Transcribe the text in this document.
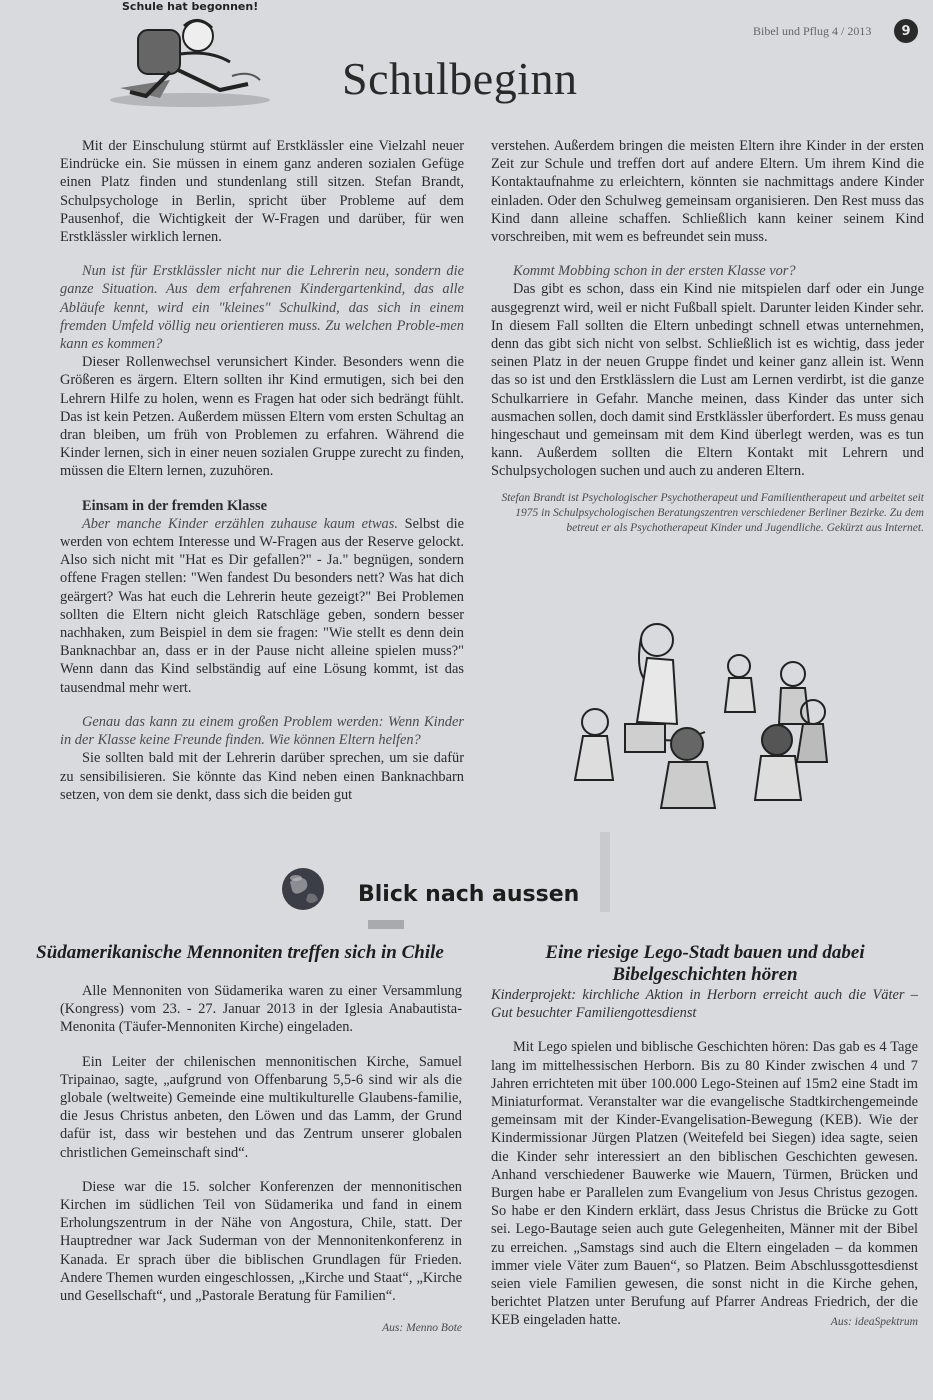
Schule hat begonnen!
Bibel und Pflug 4 / 2013	9
Schulbeginn

Mit der Einschulung stürmt auf Erstklässler eine Vielzahl neuer Eindrücke ein. Sie müssen in einem ganz anderen sozialen Gefüge einen Platz finden und stundenlang still sitzen. Stefan Brandt, Schulpsychologe in Berlin, spricht über Probleme auf dem Pausenhof, die Wichtigkeit der W-Fragen und darüber, für wen Erstklässler wirklich lernen.

Nun ist für Erstklässler nicht nur die Lehrerin neu, sondern die ganze Situation. Aus dem erfahrenen Kindergartenkind, das alle Abläufe kennt, wird ein "kleines" Schulkind, das sich in einem fremden Umfeld völlig neu orientieren muss. Zu welchen Proble-men kann es kommen?

Dieser Rollenwechsel verunsichert Kinder. Besonders wenn die Größeren es ärgern. Eltern sollten ihr Kind ermutigen, sich bei den Lehrern Hilfe zu holen, wenn es Fragen hat oder sich bedrängt fühlt. Das ist kein Petzen. Außerdem müssen Eltern vom ersten Schultag an dran bleiben, um früh von Problemen zu erfahren. Während die Kinder lernen, sich in einer neuen sozialen Gruppe zurecht zu finden, müssen die Eltern lernen, zuzuhören.

Einsam in der fremden Klasse

Aber manche Kinder erzählen zuhause kaum etwas. Selbst die werden von echtem Interesse und W-Fragen aus der Reserve gelockt. Also sich nicht mit "Hat es Dir gefallen?" - Ja." begnügen, sondern offene Fragen stellen: "Wen fandest Du besonders nett? Was hat dich geärgert? Was hat euch die Lehrerin heute gezeigt?" Bei Problemen sollten die Eltern nicht gleich Ratschläge geben, sondern besser nachhaken, zum Beispiel in dem sie fragen: "Wie stellt es denn dein Banknachbar an, dass er in der Pause nicht alleine spielen muss?" Wenn dann das Kind selbständig auf eine Lösung kommt, ist das tausendmal mehr wert.

Genau das kann zu einem großen Problem werden: Wenn Kinder in der Klasse keine Freunde finden. Wie können Eltern helfen?

Sie sollten bald mit der Lehrerin darüber sprechen, um sie dafür zu sensibilisieren. Sie könnte das Kind neben einen Banknachbarn setzen, von dem sie denkt, dass sich die beiden gut

verstehen. Außerdem bringen die meisten Eltern ihre Kinder in der ersten Zeit zur Schule und treffen dort auf andere Eltern. Um ihrem Kind die Kontaktaufnahme zu erleichtern, könnten sie nachmittags andere Kinder einladen. Oder den Schulweg gemeinsam organisieren. Den Rest muss das Kind dann alleine schaffen. Schließlich kann keiner seinem Kind vorschreiben, mit wem es befreundet sein muss.

Kommt Mobbing schon in der ersten Klasse vor?

Das gibt es schon, dass ein Kind nie mitspielen darf oder ein Junge ausgegrenzt wird, weil er nicht Fußball spielt. Darunter leiden Kinder sehr. In diesem Fall sollten die Eltern unbedingt schnell etwas unternehmen, denn das gibt sich nicht von selbst. Schließlich ist es wichtig, dass jeder seinen Platz in der neuen Gruppe findet und keiner ganz allein ist. Wenn das so ist und den Erstklässlern die Lust am Lernen verdirbt, ist die ganze Schulkarriere in Gefahr. Manche meinen, dass Kinder das unter sich ausmachen sollen, doch damit sind Erstklässler überfordert. Es muss genau hingeschaut und gemeinsam mit dem Kind überlegt werden, was es tun kann. Außerdem sollten die Eltern Kontakt mit Lehrern und Schulpsychologen suchen und auch zu anderen Eltern.

Stefan Brandt ist Psychologischer Psychotherapeut und Familientherapeut und arbeitet seit 1975 in Schulpsychologischen Beratungszentren verschiedener Berliner Bezirke. Zu dem betreut er als Psychotherapeut Kinder und Jugendliche. Gekürzt aus Internet.

Blick nach aussen
Südamerikanische Mennoniten treffen sich in Chile

Alle Mennoniten von Südamerika waren zu einer Versammlung (Kongress) vom 23. - 27. Januar 2013 in der Iglesia Anabautista-Menonita (Täufer-Mennoniten Kirche) eingeladen.

Ein Leiter der chilenischen mennonitischen Kirche, Samuel Tripainao, sagte, „aufgrund von Offenbarung 5,5-6 sind wir als die globale (weltweite) Gemeinde eine multikulturelle Glaubens-familie, die Jesus Christus anbeten, den Löwen und das Lamm, der Grund dafür ist, dass wir bestehen und das Zentrum unserer globalen christlichen Gemeinschaft sind“.

Diese war die 15. solcher Konferenzen der mennonitischen Kirchen im südlichen Teil von Südamerika und fand in einem Erholungszentrum in der Nähe von Angostura, Chile, statt. Der Hauptredner war Jack Suderman von der Mennonitenkonferenz in Kanada. Er sprach über die biblischen Grundlagen für Frieden. Andere Themen wurden eingeschlossen, „Kirche und Staat“, „Kirche und Gesellschaft“, und „Pastorale Beratung für Familien“.

Aus: Menno Bote
Eine riesige Lego-Stadt bauen und dabei Bibelgeschichten hören

Kinderprojekt: kirchliche Aktion in Herborn erreicht auch die Väter – Gut besuchter Familiengottesdienst

Mit Lego spielen und biblische Geschichten hören: Das gab es 4 Tage lang im mittelhessischen Herborn. Bis zu 80 Kinder zwischen 4 und 7 Jahren errichteten mit über 100.000 Lego-Steinen auf 15m2 eine Stadt im Miniaturformat. Veranstalter war die evangelische Stadtkirchengemeinde gemeinsam mit der Kinder-Evangelisation-Bewegung (KEB). Wie der Kindermissionar Jürgen Platzen (Weitefeld bei Siegen) idea sagte, seien die Kinder sehr interessiert an den biblischen Geschichten gewesen. Anhand verschiedener Bauwerke wie Mauern, Türmen, Brücken und Burgen habe er Parallelen zum Evangelium von Jesus Christus gezogen. So habe er den Kindern erklärt, dass Jesus Christus die Brücke zu Gott sei. Lego-Bautage seien auch gute Gelegenheiten, Männer mit der Bibel zu erreichen. „Samstags sind auch die Eltern eingeladen – da kommen immer viele Väter zum Bauen“, so Platzen. Beim Abschlussgottesdienst seien viele Familien gewesen, die sonst nicht in die Kirche gehen, berichtet Platzen unter Berufung auf Pfarrer Andreas Friedrich, der die KEB eingeladen hatte.	Aus: ideaSpektrum
